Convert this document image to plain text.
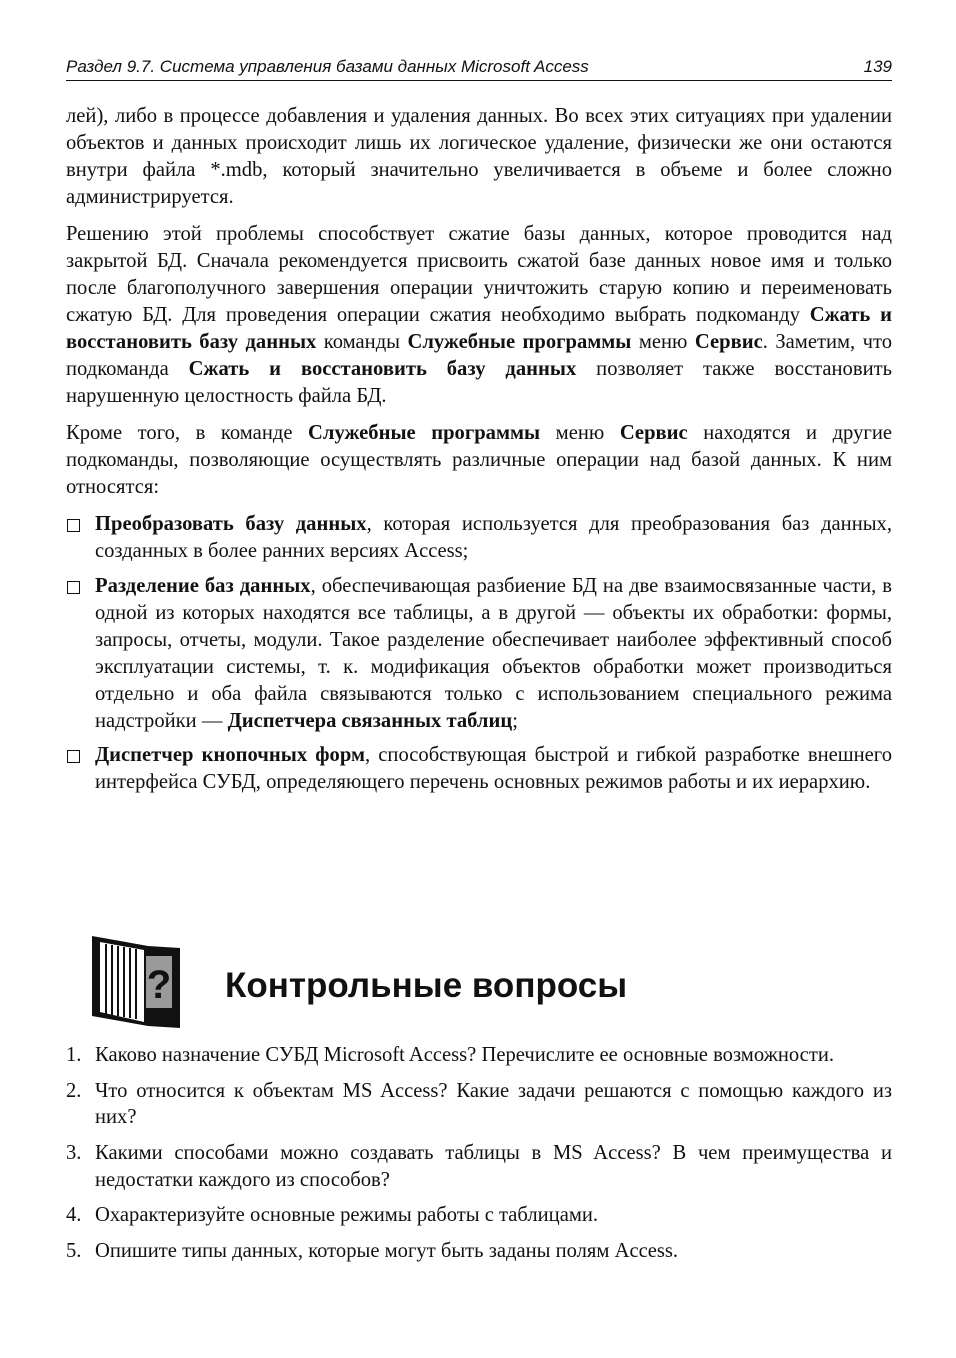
Раздел 9.7. Система управления базами данных Microsoft Access	139

лей), либо в процессе добавления и удаления данных. Во всех этих ситуациях при удалении объектов и данных происходит лишь их логическое удаление, физически же они остаются внутри файла *.mdb, который значительно увеличивается в объеме и более сложно администрируется.

Решению этой проблемы способствует сжатие базы данных, которое проводится над закрытой БД. Сначала рекомендуется присвоить сжатой базе данных новое имя и только после благополучного завершения операции уничтожить старую копию и переименовать сжатую БД. Для проведения операции сжатия необходимо выбрать подкоманду Сжать и восстановить базу данных команды Служебные программы меню Сервис. Заметим, что подкоманда Сжать и восстановить базу данных позволяет также восстановить нарушенную целостность файла БД.

Кроме того, в команде Служебные программы меню Сервис находятся и другие подкоманды, позволяющие осуществлять различные операции над базой данных. К ним относятся:

Преобразовать базу данных, которая используется для преобразования баз данных, созданных в более ранних версиях Access;
Разделение баз данных, обеспечивающая разбиение БД на две взаимосвязанные части, в одной из которых находятся все таблицы, а в другой — объекты их обработки: формы, запросы, отчеты, модули. Такое разделение обеспечивает наиболее эффективный способ эксплуатации системы, т. к. модификация объектов обработки может производиться отдельно и оба файла связываются только с использованием специального режима надстройки — Диспетчера связанных таблиц;
Диспетчер кнопочных форм, способствующая быстрой и гибкой разработке внешнего интерфейса СУБД, определяющего перечень основных режимов работы и их иерархию.
? Контрольные вопросы
1. Каково назначение СУБД Microsoft Access? Перечислите ее основные возможности.
2. Что относится к объектам MS Access? Какие задачи решаются с помощью каждого из них?
3. Какими способами можно создавать таблицы в MS Access? В чем преимущества и недостатки каждого из способов?
4. Охарактеризуйте основные режимы работы с таблицами.
5. Опишите типы данных, которые могут быть заданы полям Access.
